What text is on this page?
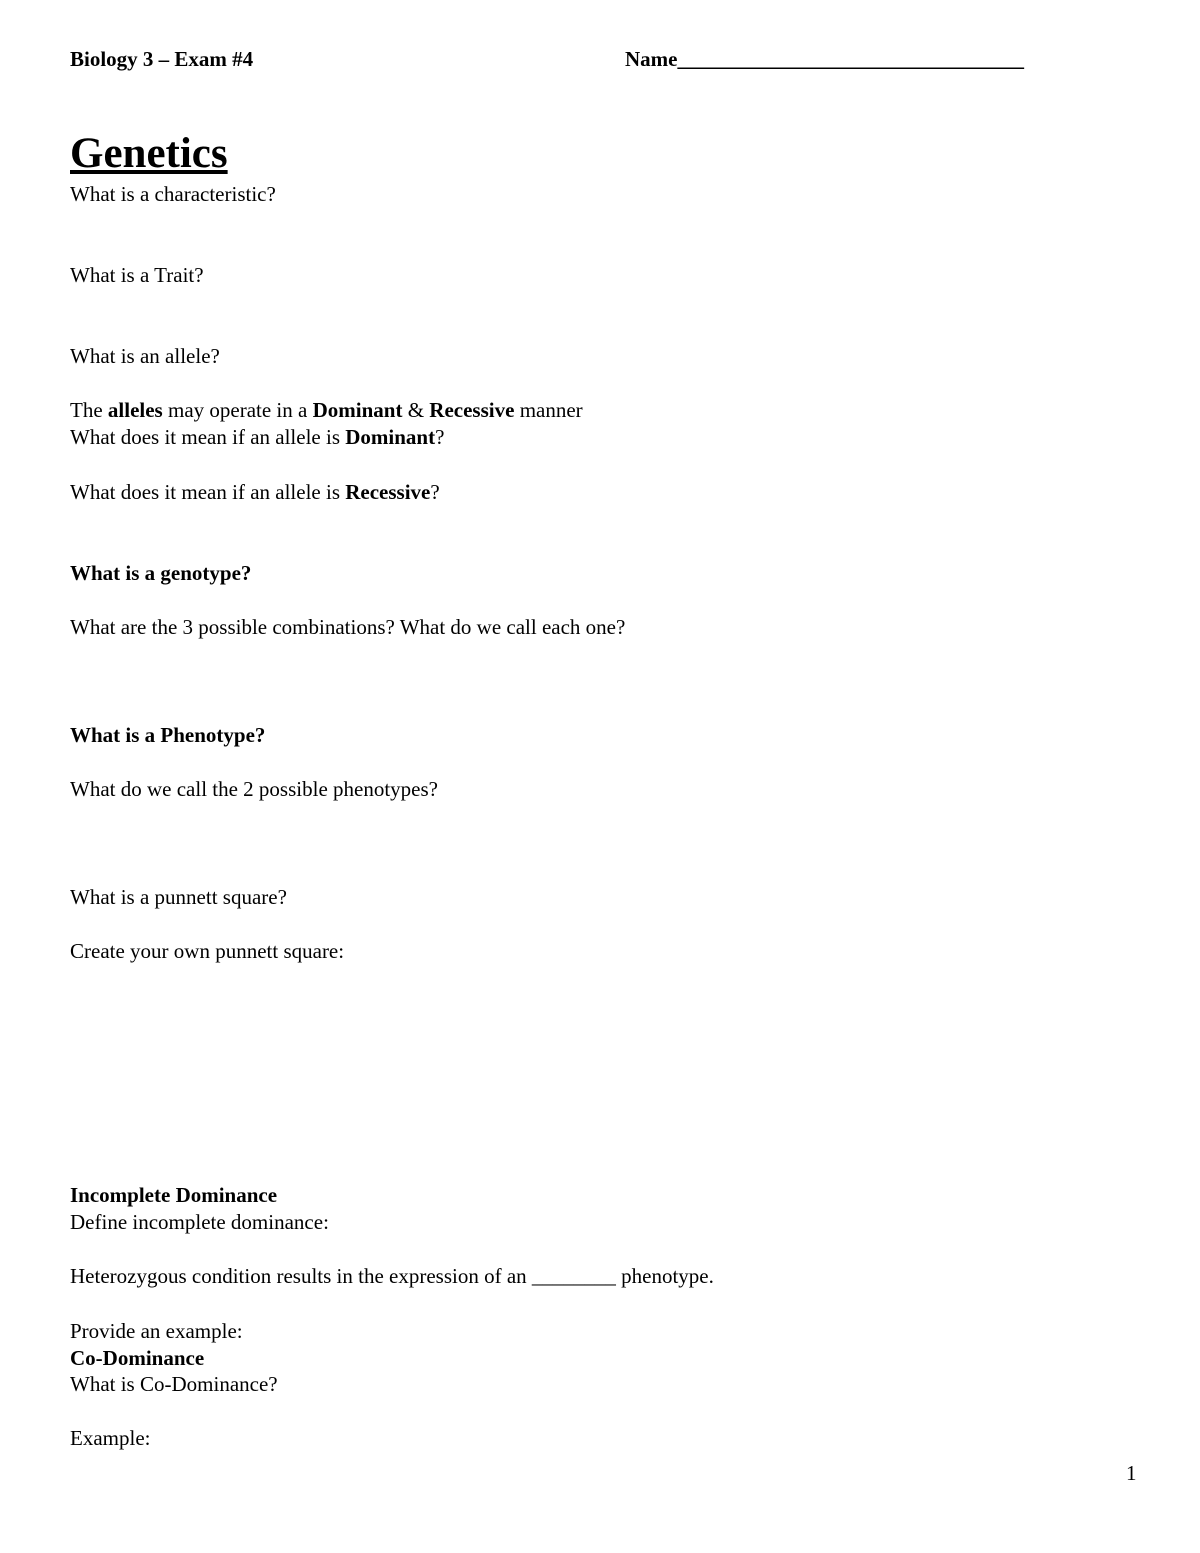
Biology 3 – Exam #4	Name_________________________________
Genetics
What is a characteristic?
What is a Trait?
What is an allele?
The alleles may operate in a Dominant & Recessive manner
What does it mean if an allele is Dominant?
What does it mean if an allele is Recessive?
What is a genotype?
What are the 3 possible combinations? What do we call each one?
What is a Phenotype?
What do we call the 2 possible phenotypes?
What is a punnett square?
Create your own punnett square:
Incomplete Dominance
Define incomplete dominance:
Heterozygous condition results in the expression of an ________ phenotype.
Provide an example:
Co-Dominance
What is Co-Dominance?
Example:
1
